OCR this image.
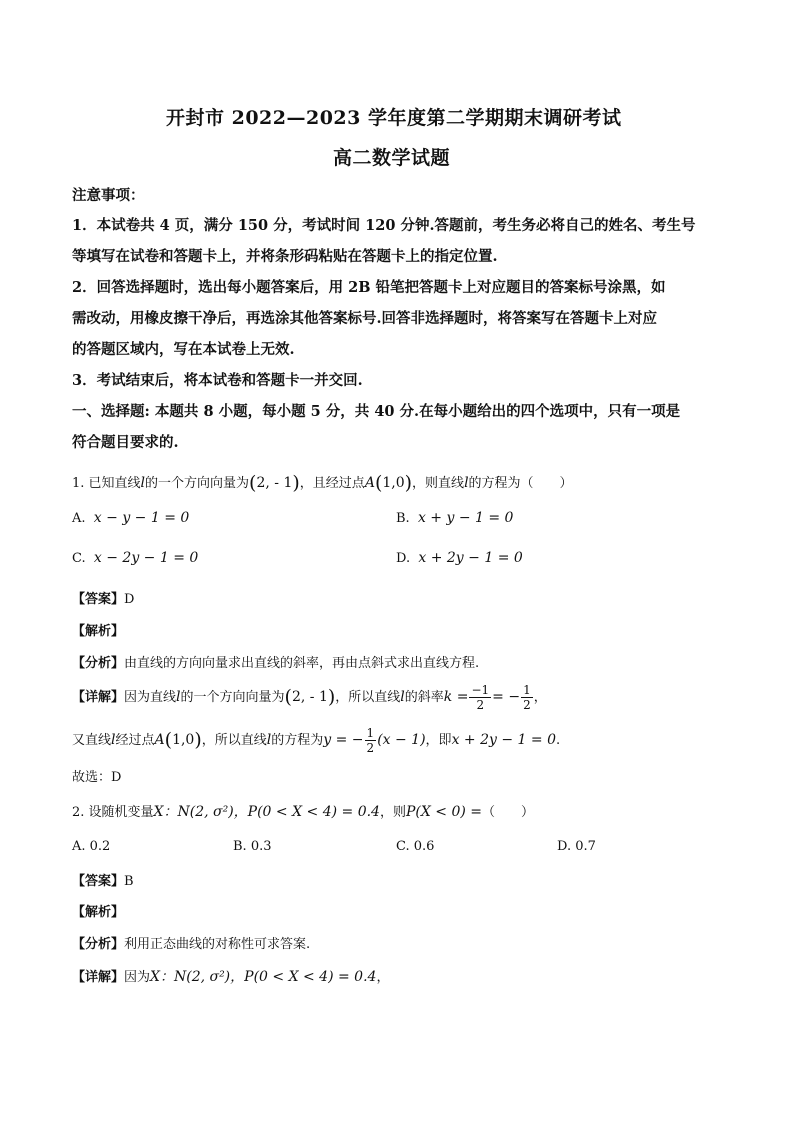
开封市 2022—2023 学年度第二学期期末调研考试
高二数学试题
注意事项：
1．本试卷共 4 页，满分 150 分，考试时间 120 分钟.答题前，考生务必将自己的姓名、考生号
等填写在试卷和答题卡上，并将条形码粘贴在答题卡上的指定位置.
2．回答选择题时，选出每小题答案后，用 2B 铅笔把答题卡上对应题目的答案标号涂黑，如
需改动，用橡皮擦干净后，再选涂其他答案标号.回答非选择题时，将答案写在答题卡上对应
的答题区域内，写在本试卷上无效.
3．考试结束后，将本试卷和答题卡一并交回.
一、选择题: 本题共 8 小题，每小题 5 分，共 40 分.在每小题给出的四个选项中，只有一项是
符合题目要求的.
1. 已知直线l的一个方向向量为(2, - 1)，且经过点A(1,0)，则直线l的方程为（　　）
A. x − y − 1 = 0	B. x + y − 1 = 0
C. x − 2y − 1 = 0	D. x + 2y − 1 = 0
【答案】D
【解析】
【分析】由直线的方向向量求出直线的斜率，再由点斜式求出直线方程.
【详解】因为直线l的一个方向向量为(2, - 1)，所以直线l的斜率$k = \frac{-1}{2}$ = − $\frac{1}{2}$ ，
又直线l经过点A(1,0)，所以直线l的方程为y = − $\frac{1}{2} (x - 1)$，即x + 2y − 1 = 0.
故选：D
2. 设随机变量X：N(2, σ²)，P(0 < X < 4) = 0.4，则P(X < 0) =（　　）
A. 0.2	B. 0.3	C. 0.6	D. 0.7
【答案】B
【解析】
【分析】利用正态曲线的对称性可求答案.
【详解】因为X：N(2, σ²)，P(0 < X < 4) = 0.4，
